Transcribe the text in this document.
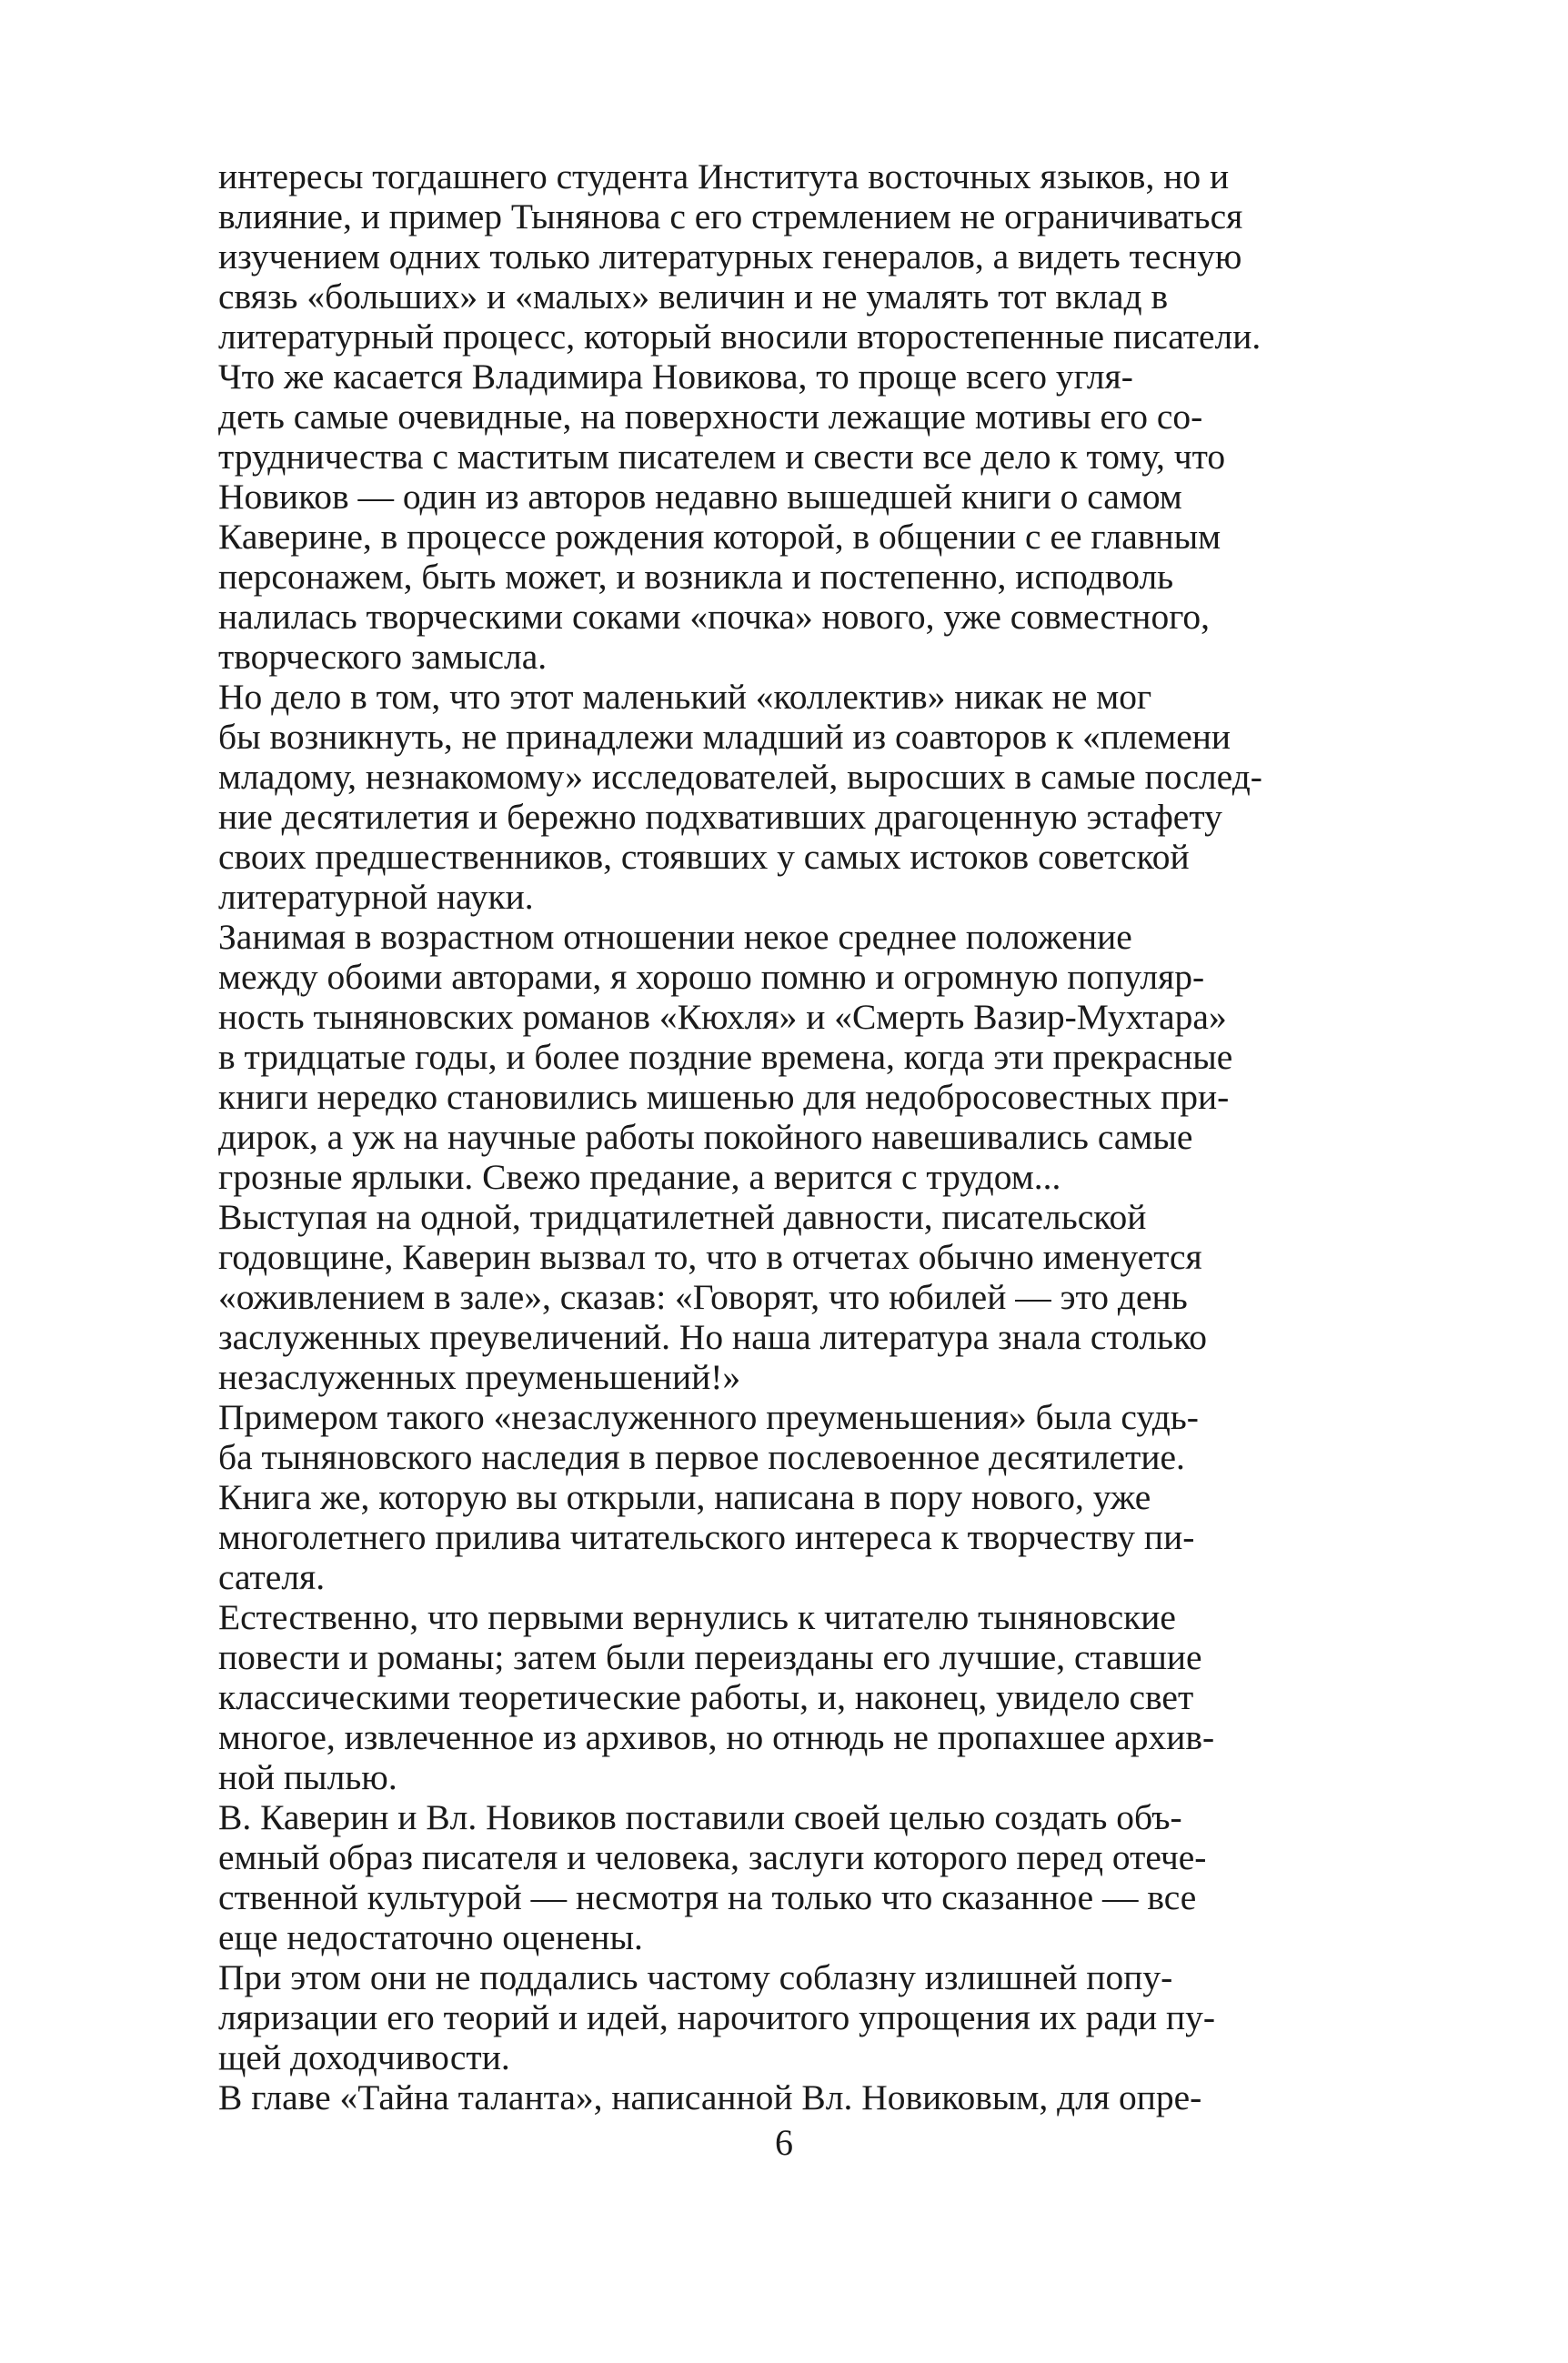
интересы тогдашнего студента Института восточных языков, но и
влияние, и пример Тынянова с его стремлением не ограничиваться
изучением одних только литературных генералов, а видеть тесную
связь «больших» и «малых» величин и не умалять тот вклад в
литературный процесс, который вносили второстепенные писатели.

Что же касается Владимира Новикова, то проще всего угля-
деть самые очевидные, на поверхности лежащие мотивы его со-
трудничества с маститым писателем и свести все дело к тому, что
Новиков — один из авторов недавно вышедшей книги о самом
Каверине, в процессе рождения которой, в общении с ее главным
персонажем, быть может, и возникла и постепенно, исподволь
налилась творческими соками «почка» нового, уже совместного,
творческого замысла.

Но дело в том, что этот маленький «коллектив» никак не мог
бы возникнуть, не принадлежи младший из соавторов к «племени
младому, незнакомому» исследователей, выросших в самые послед-
ние десятилетия и бережно подхвативших драгоценную эстафету
своих предшественников, стоявших у самых истоков советской
литературной науки.

Занимая в возрастном отношении некое среднее положение
между обоими авторами, я хорошо помню и огромную популяр-
ность тыняновских романов «Кюхля» и «Смерть Вазир-Мухтара»
в тридцатые годы, и более поздние времена, когда эти прекрасные
книги нередко становились мишенью для недобросовестных при-
дирок, а уж на научные работы покойного навешивались самые
грозные ярлыки. Свежо предание, а верится с трудом...

Выступая на одной, тридцатилетней давности, писательской
годовщине, Каверин вызвал то, что в отчетах обычно именуется
«оживлением в зале», сказав: «Говорят, что юбилей — это день
заслуженных преувеличений. Но наша литература знала столько
незаслуженных преуменьшений!»

Примером такого «незаслуженного преуменьшения» была судь-
ба тыняновского наследия в первое послевоенное десятилетие.

Книга же, которую вы открыли, написана в пору нового, уже
многолетнего прилива читательского интереса к творчеству пи-
сателя.

Естественно, что первыми вернулись к читателю тыняновские
повести и романы; затем были переизданы его лучшие, ставшие
классическими теоретические работы, и, наконец, увидело свет
многое, извлеченное из архивов, но отнюдь не пропахшее архив-
ной пылью.

В. Каверин и Вл. Новиков поставили своей целью создать объ-
емный образ писателя и человека, заслуги которого перед отече-
ственной культурой — несмотря на только что сказанное — все
еще недостаточно оценены.

При этом они не поддались частому соблазну излишней попу-
ляризации его теорий и идей, нарочитого упрощения их ради пу-
щей доходчивости.

В главе «Тайна таланта», написанной Вл. Новиковым, для опре-

6
